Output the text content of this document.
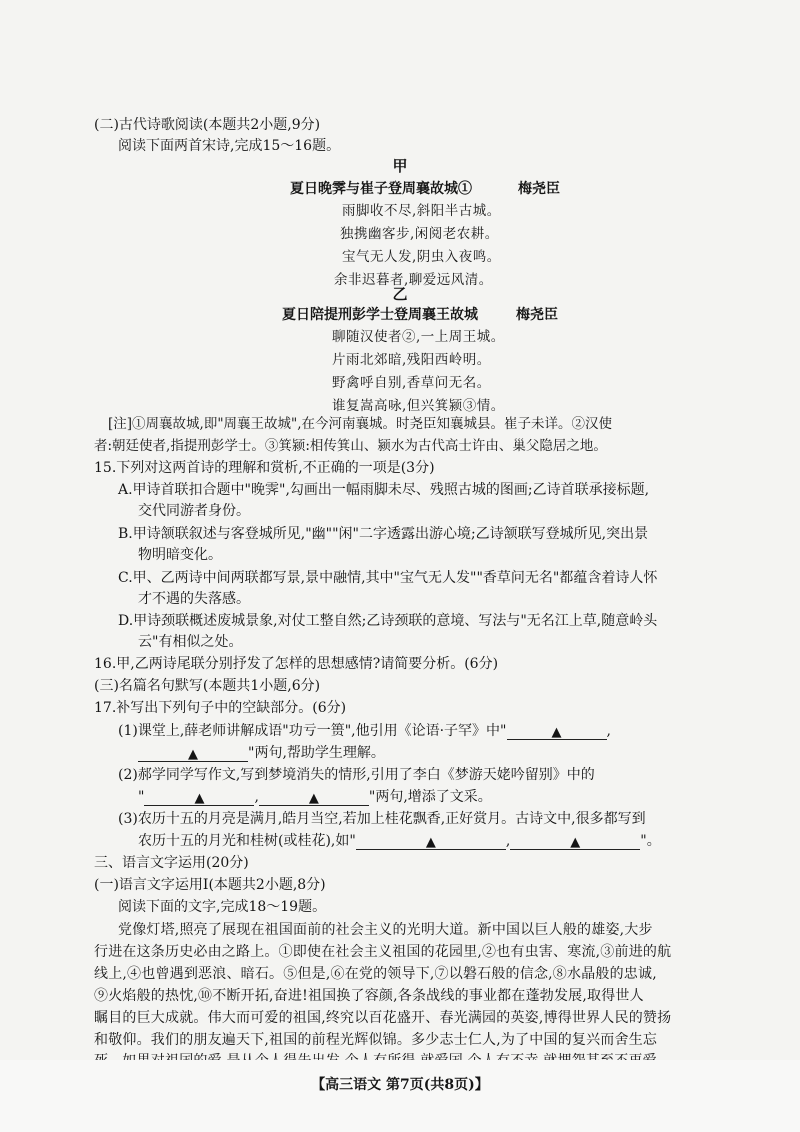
(二)古代诗歌阅读(本题共2小题,9分)
阅读下面两首宋诗,完成15～16题。
甲
夏日晚霁与崔子登周襄故城①	梅尧臣
雨脚收不尽,斜阳半古城。
独携幽客步,闲阅老农耕。
宝气无人发,阴虫入夜鸣。
余非迟暮者,聊爱远风清。
乙
夏日陪提刑彭学士登周襄王故城	梅尧臣
聊随汉使者②,一上周王城。
片雨北郊暗,残阳西岭明。
野禽呼自别,香草问无名。
谁复嵩高咏,但兴箕颍③情。
[注]①周襄故城,即"周襄王故城",在今河南襄城。时尧臣知襄城县。崔子未详。②汉使
者:朝廷使者,指提刑彭学士。③箕颍:相传箕山、颍水为古代高士许由、巢父隐居之地。
15.下列对这两首诗的理解和赏析,不正确的一项是(3分)
A.甲诗首联扣合题中"晚霁",勾画出一幅雨脚未尽、残照古城的图画;乙诗首联承接标题,
交代同游者身份。
B.甲诗颔联叙述与客登城所见,"幽""闲"二字透露出游心境;乙诗颔联写登城所见,突出景
物明暗变化。
C.甲、乙两诗中间两联都写景,景中融情,其中"宝气无人发""香草问无名"都蕴含着诗人怀
才不遇的失落感。
D.甲诗颈联概述废城景象,对仗工整自然;乙诗颈联的意境、写法与"无名江上草,随意岭头
云"有相似之处。
16.甲,乙两诗尾联分别抒发了怎样的思想感情?请简要分析。(6分)
(三)名篇名句默写(本题共1小题,6分)
17.补写出下列句子中的空缺部分。(6分)
(1)课堂上,薛老师讲解成语"功亏一篑",他引用《论语·子罕》中"	▲	,
▲	"两句,帮助学生理解。
(2)郝学同学写作文,写到梦境消失的情形,引用了李白《梦游天姥吟留别》中的
"	▲	,	▲	"两句,增添了文采。
(3)农历十五的月亮是满月,皓月当空,若加上桂花飘香,正好赏月。古诗文中,很多都写到
农历十五的月光和桂树(或桂花),如"	▲	,	▲	"。
三、语言文字运用(20分)
(一)语言文字运用Ⅰ(本题共2小题,8分)
阅读下面的文字,完成18～19题。
党像灯塔,照亮了展现在祖国面前的社会主义的光明大道。新中国以巨人般的雄姿,大步
行进在这条历史必由之路上。①即使在社会主义祖国的花园里,②也有虫害、寒流,③前进的航
线上,④也曾遇到恶浪、暗石。⑤但是,⑥在党的领导下,⑦以磐石般的信念,⑧水晶般的忠诚,
⑨火焰般的热忱,⑩不断开拓,奋进!祖国换了容颜,各条战线的事业都在蓬勃发展,取得世人
瞩目的巨大成就。伟大而可爱的祖国,终究以百花盛开、春光满园的英姿,博得世界人民的赞扬
和敬仰。我们的朋友遍天下,祖国的前程光辉似锦。多少志士仁人,为了中国的复兴而舍生忘
【高三语文 第7页(共8页)】
